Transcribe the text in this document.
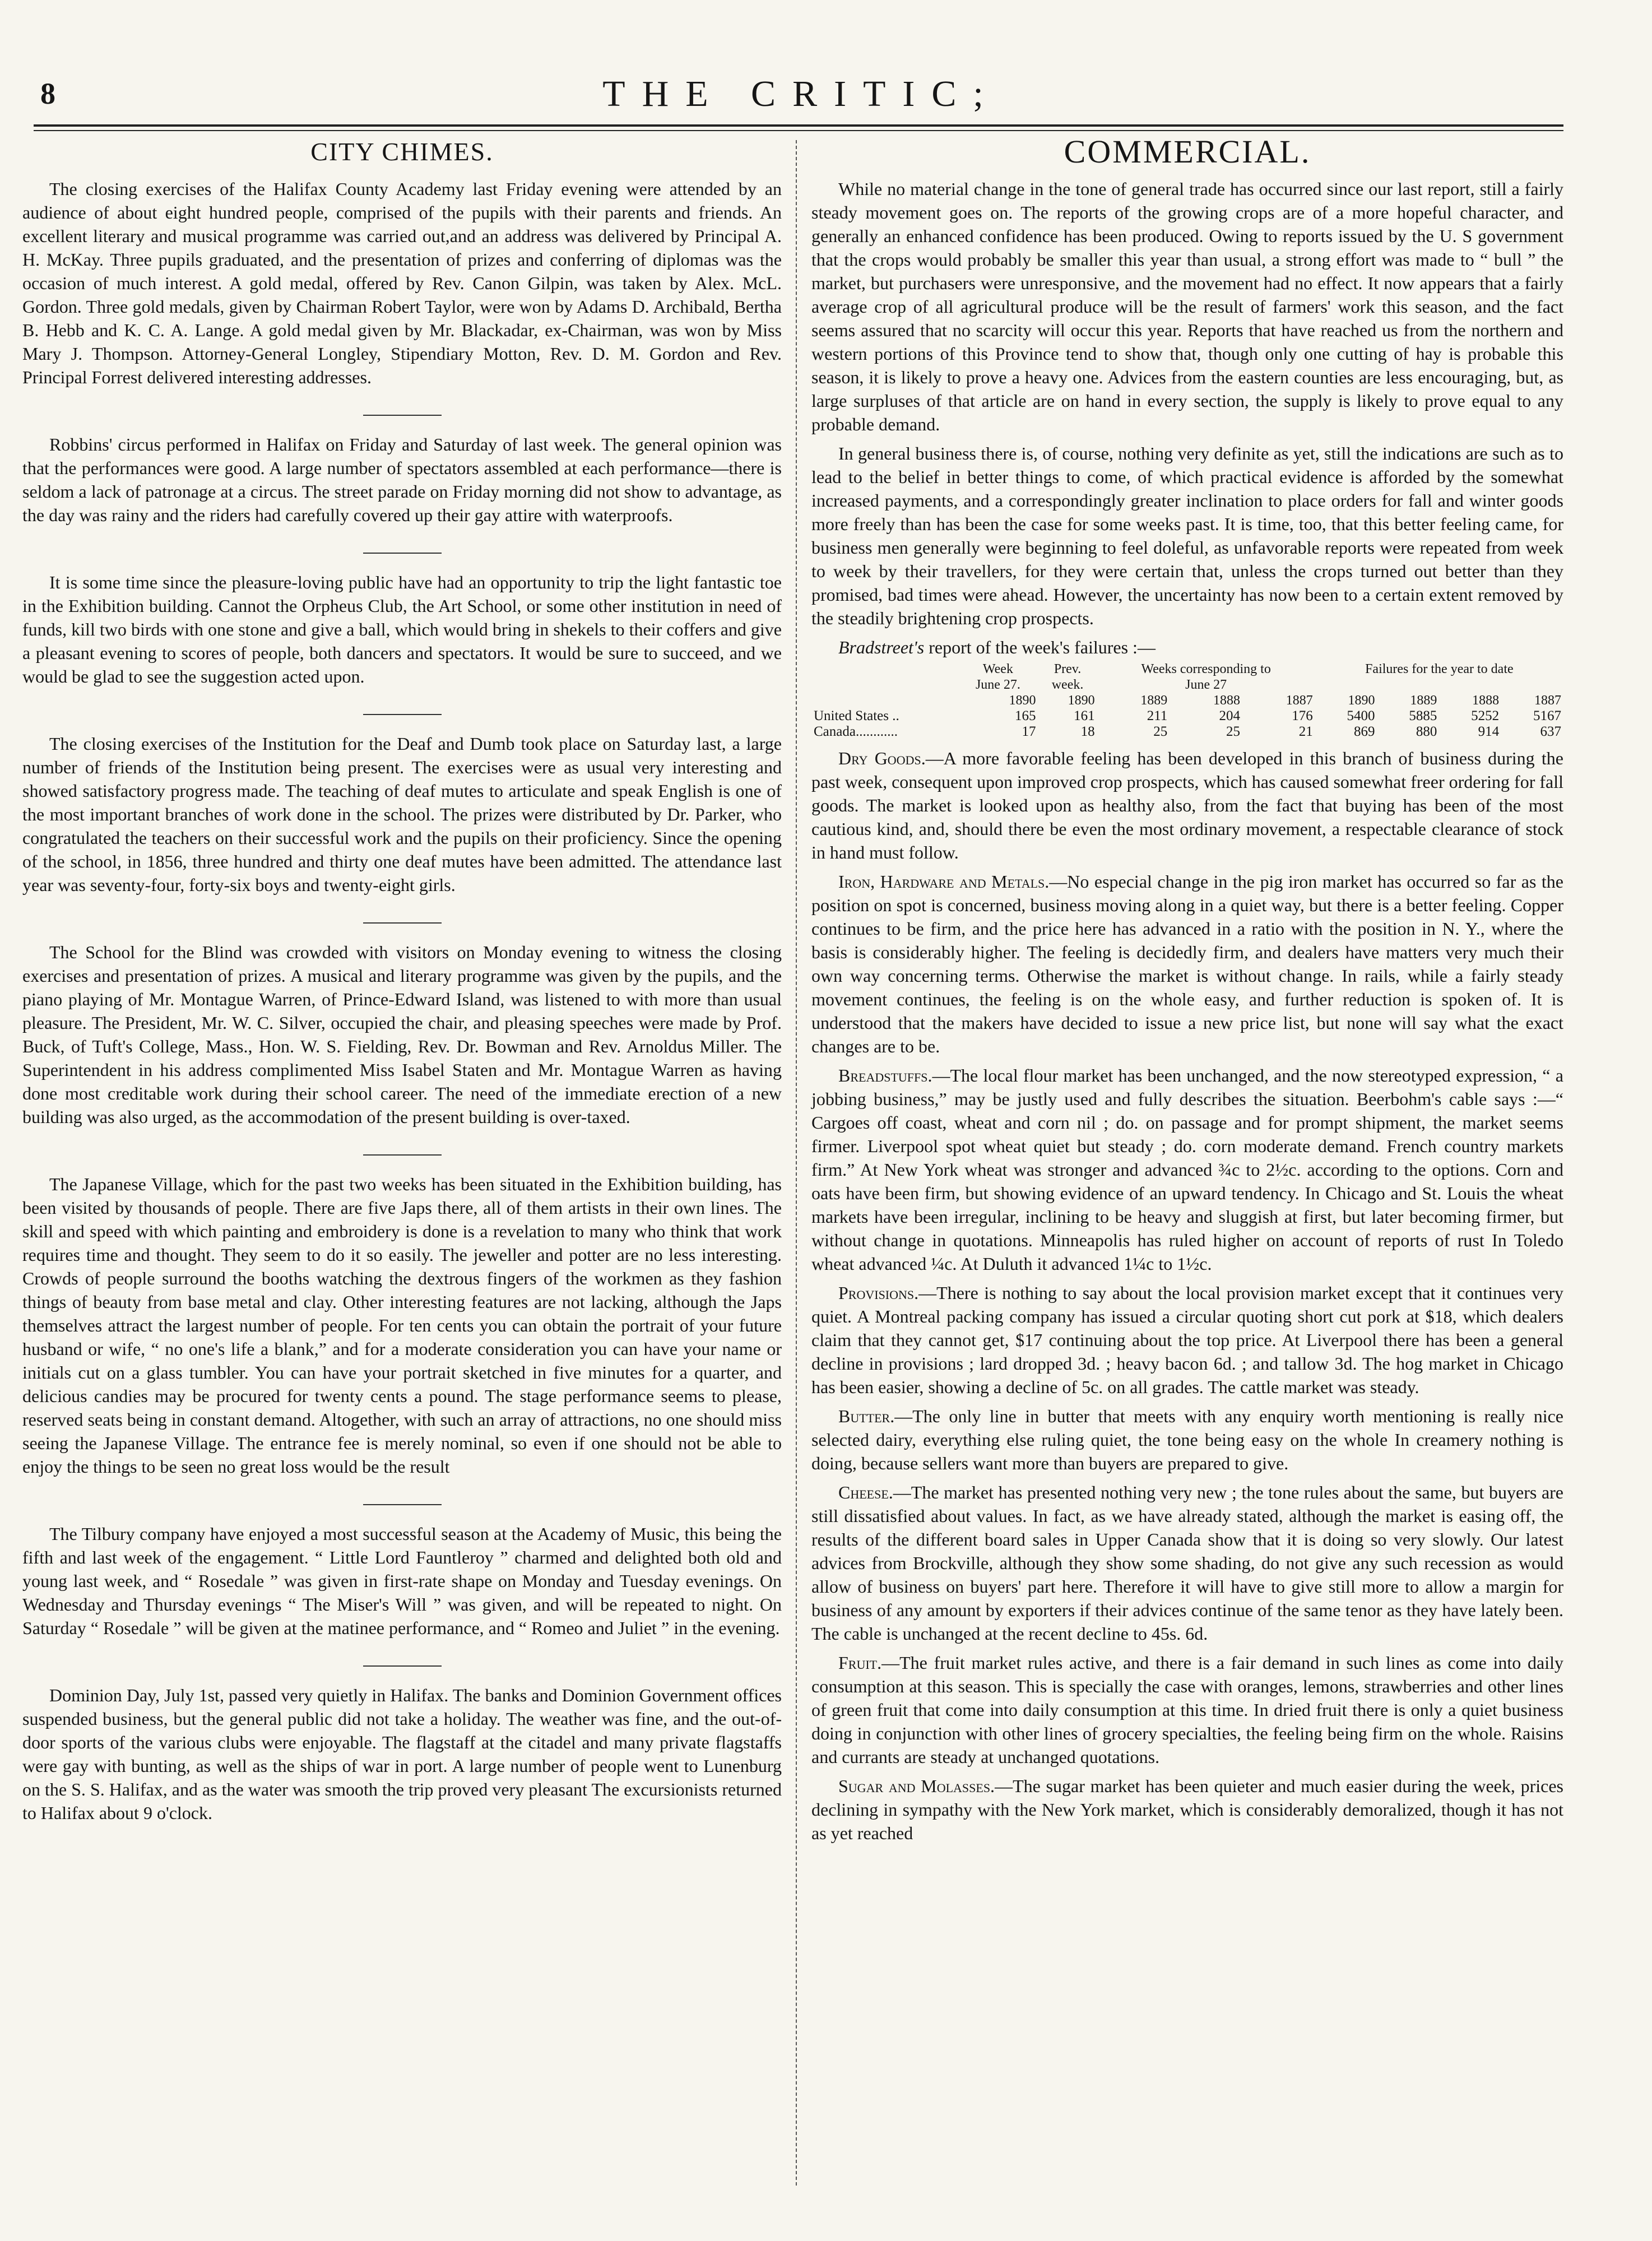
8	THE CRITIC;
CITY CHIMES.

The closing exercises of the Halifax County Academy last Friday evening were attended by an audience of about eight hundred people, comprised of the pupils with their parents and friends. An excellent literary and musical programme was carried out,and an address was delivered by Principal A. H. McKay. Three pupils graduated, and the presentation of prizes and conferring of diplomas was the occasion of much interest. A gold medal, offered by Rev. Canon Gilpin, was taken by Alex. McL. Gordon. Three gold medals, given by Chairman Robert Taylor, were won by Adams D. Archibald, Bertha B. Hebb and K. C. A. Lange. A gold medal given by Mr. Blackadar, ex-Chairman, was won by Miss Mary J. Thompson. Attorney-General Longley, Stipendiary Motton, Rev. D. M. Gordon and Rev. Principal Forrest delivered interesting addresses.

Robbins' circus performed in Halifax on Friday and Saturday of last week. The general opinion was that the performances were good. A large number of spectators assembled at each performance—there is seldom a lack of patronage at a circus. The street parade on Friday morning did not show to advantage, as the day was rainy and the riders had carefully covered up their gay attire with waterproofs.

It is some time since the pleasure-loving public have had an opportunity to trip the light fantastic toe in the Exhibition building. Cannot the Orpheus Club, the Art School, or some other institution in need of funds, kill two birds with one stone and give a ball, which would bring in shekels to their coffers and give a pleasant evening to scores of people, both dancers and spectators. It would be sure to succeed, and we would be glad to see the suggestion acted upon.

The closing exercises of the Institution for the Deaf and Dumb took place on Saturday last, a large number of friends of the Institution being present. The exercises were as usual very interesting and showed satisfactory progress made. The teaching of deaf mutes to articulate and speak English is one of the most important branches of work done in the school. The prizes were distributed by Dr. Parker, who congratulated the teachers on their successful work and the pupils on their proficiency. Since the opening of the school, in 1856, three hundred and thirty one deaf mutes have been admitted. The attendance last year was seventy-four, forty-six boys and twenty-eight girls.

The School for the Blind was crowded with visitors on Monday evening to witness the closing exercises and presentation of prizes. A musical and literary programme was given by the pupils, and the piano playing of Mr. Montague Warren, of Prince-Edward Island, was listened to with more than usual pleasure. The President, Mr. W. C. Silver, occupied the chair, and pleasing speeches were made by Prof. Buck, of Tuft's College, Mass., Hon. W. S. Fielding, Rev. Dr. Bowman and Rev. Arnoldus Miller. The Superintendent in his address complimented Miss Isabel Staten and Mr. Montague Warren as having done most creditable work during their school career. The need of the immediate erection of a new building was also urged, as the accommodation of the present building is over-taxed.

The Japanese Village, which for the past two weeks has been situated in the Exhibition building, has been visited by thousands of people. There are five Japs there, all of them artists in their own lines. The skill and speed with which painting and embroidery is done is a revelation to many who think that work requires time and thought. They seem to do it so easily. The jeweller and potter are no less interesting. Crowds of people surround the booths watching the dextrous fingers of the workmen as they fashion things of beauty from base metal and clay. Other interesting features are not lacking, although the Japs themselves attract the largest number of people. For ten cents you can obtain the portrait of your future husband or wife, “ no one's life a blank,” and for a moderate consideration you can have your name or initials cut on a glass tumbler. You can have your portrait sketched in five minutes for a quarter, and delicious candies may be procured for twenty cents a pound. The stage performance seems to please, reserved seats being in constant demand. Altogether, with such an array of attractions, no one should miss seeing the Japanese Village. The entrance fee is merely nominal, so even if one should not be able to enjoy the things to be seen no great loss would be the result

The Tilbury company have enjoyed a most successful season at the Academy of Music, this being the fifth and last week of the engagement. “ Little Lord Fauntleroy ” charmed and delighted both old and young last week, and “ Rosedale ” was given in first-rate shape on Monday and Tuesday evenings. On Wednesday and Thursday evenings “ The Miser's Will ” was given, and will be repeated to night. On Saturday “ Rosedale ” will be given at the matinee performance, and “ Romeo and Juliet ” in the evening.

Dominion Day, July 1st, passed very quietly in Halifax. The banks and Dominion Government offices suspended business, but the general public did not take a holiday. The weather was fine, and the out-of-door sports of the various clubs were enjoyable. The flagstaff at the citadel and many private flagstaffs were gay with bunting, as well as the ships of war in port. A large number of people went to Lunenburg on the S. S. Halifax, and as the water was smooth the trip proved very pleasant The excursionists returned to Halifax about 9 o'clock.

COMMERCIAL.

While no material change in the tone of general trade has occurred since our last report, still a fairly steady movement goes on. The reports of the growing crops are of a more hopeful character, and generally an enhanced confidence has been produced. Owing to reports issued by the U. S government that the crops would probably be smaller this year than usual, a strong effort was made to “ bull ” the market, but purchasers were unresponsive, and the movement had no effect. It now appears that a fairly average crop of all agricultural produce will be the result of farmers' work this season, and the fact seems assured that no scarcity will occur this year. Reports that have reached us from the northern and western portions of this Province tend to show that, though only one cutting of hay is probable this season, it is likely to prove a heavy one. Advices from the eastern counties are less encouraging, but, as large surpluses of that article are on hand in every section, the supply is likely to prove equal to any probable demand.

In general business there is, of course, nothing very definite as yet, still the indications are such as to lead to the belief in better things to come, of which practical evidence is afforded by the somewhat increased payments, and a correspondingly greater inclination to place orders for fall and winter goods more freely than has been the case for some weeks past. It is time, too, that this better feeling came, for business men generally were beginning to feel doleful, as unfavorable reports were repeated from week to week by their travellers, for they were certain that, unless the crops turned out better than they promised, bad times were ahead. However, the uncertainty has now been to a certain extent removed by the steadily brightening crop prospects.

Bradstreet's report of the week's failures :—
	Week	Prev.	Weeks corresponding to			Failures for the year to date			
	June 27.	week.	June 27						
	1890	1890	1889	1888	1887	1890	1889	1888	1887
United States ..	165	161	211	204	176	5400	5885	5252	5167
Canada............	17	18	25	25	21	869	880	914	637

Dry Goods.—A more favorable feeling has been developed in this branch of business during the past week, consequent upon improved crop prospects, which has caused somewhat freer ordering for fall goods. The market is looked upon as healthy also, from the fact that buying has been of the most cautious kind, and, should there be even the most ordinary movement, a respectable clearance of stock in hand must follow.

Iron, Hardware and Metals.—No especial change in the pig iron market has occurred so far as the position on spot is concerned, business moving along in a quiet way, but there is a better feeling. Copper continues to be firm, and the price here has advanced in a ratio with the position in N. Y., where the basis is considerably higher. The feeling is decidedly firm, and dealers have matters very much their own way concerning terms. Otherwise the market is without change. In rails, while a fairly steady movement continues, the feeling is on the whole easy, and further reduction is spoken of. It is understood that the makers have decided to issue a new price list, but none will say what the exact changes are to be.

Breadstuffs.—The local flour market has been unchanged, and the now stereotyped expression, “ a jobbing business,” may be justly used and fully describes the situation. Beerbohm's cable says :—“ Cargoes off coast, wheat and corn nil ; do. on passage and for prompt shipment, the market seems firmer. Liverpool spot wheat quiet but steady ; do. corn moderate demand. French country markets firm.” At New York wheat was stronger and advanced ¾c to 2½c. according to the options. Corn and oats have been firm, but showing evidence of an upward tendency. In Chicago and St. Louis the wheat markets have been irregular, inclining to be heavy and sluggish at first, but later becoming firmer, but without change in quotations. Minneapolis has ruled higher on account of reports of rust In Toledo wheat advanced ¼c. At Duluth it advanced 1¼c to 1½c.

Provisions.—There is nothing to say about the local provision market except that it continues very quiet. A Montreal packing company has issued a circular quoting short cut pork at $18, which dealers claim that they cannot get, $17 continuing about the top price. At Liverpool there has been a general decline in provisions ; lard dropped 3d. ; heavy bacon 6d. ; and tallow 3d. The hog market in Chicago has been easier, showing a decline of 5c. on all grades. The cattle market was steady.

Butter.—The only line in butter that meets with any enquiry worth mentioning is really nice selected dairy, everything else ruling quiet, the tone being easy on the whole In creamery nothing is doing, because sellers want more than buyers are prepared to give.

Cheese.—The market has presented nothing very new ; the tone rules about the same, but buyers are still dissatisfied about values. In fact, as we have already stated, although the market is easing off, the results of the different board sales in Upper Canada show that it is doing so very slowly. Our latest advices from Brockville, although they show some shading, do not give any such recession as would allow of business on buyers' part here. Therefore it will have to give still more to allow a margin for business of any amount by exporters if their advices continue of the same tenor as they have lately been. The cable is unchanged at the recent decline to 45s. 6d.

Fruit.—The fruit market rules active, and there is a fair demand in such lines as come into daily consumption at this season. This is specially the case with oranges, lemons, strawberries and other lines of green fruit that come into daily consumption at this time. In dried fruit there is only a quiet business doing in conjunction with other lines of grocery specialties, the feeling being firm on the whole. Raisins and currants are steady at unchanged quotations.

Sugar and Molasses.—The sugar market has been quieter and much easier during the week, prices declining in sympathy with the New York market, which is considerably demoralized, though it has not as yet reached
